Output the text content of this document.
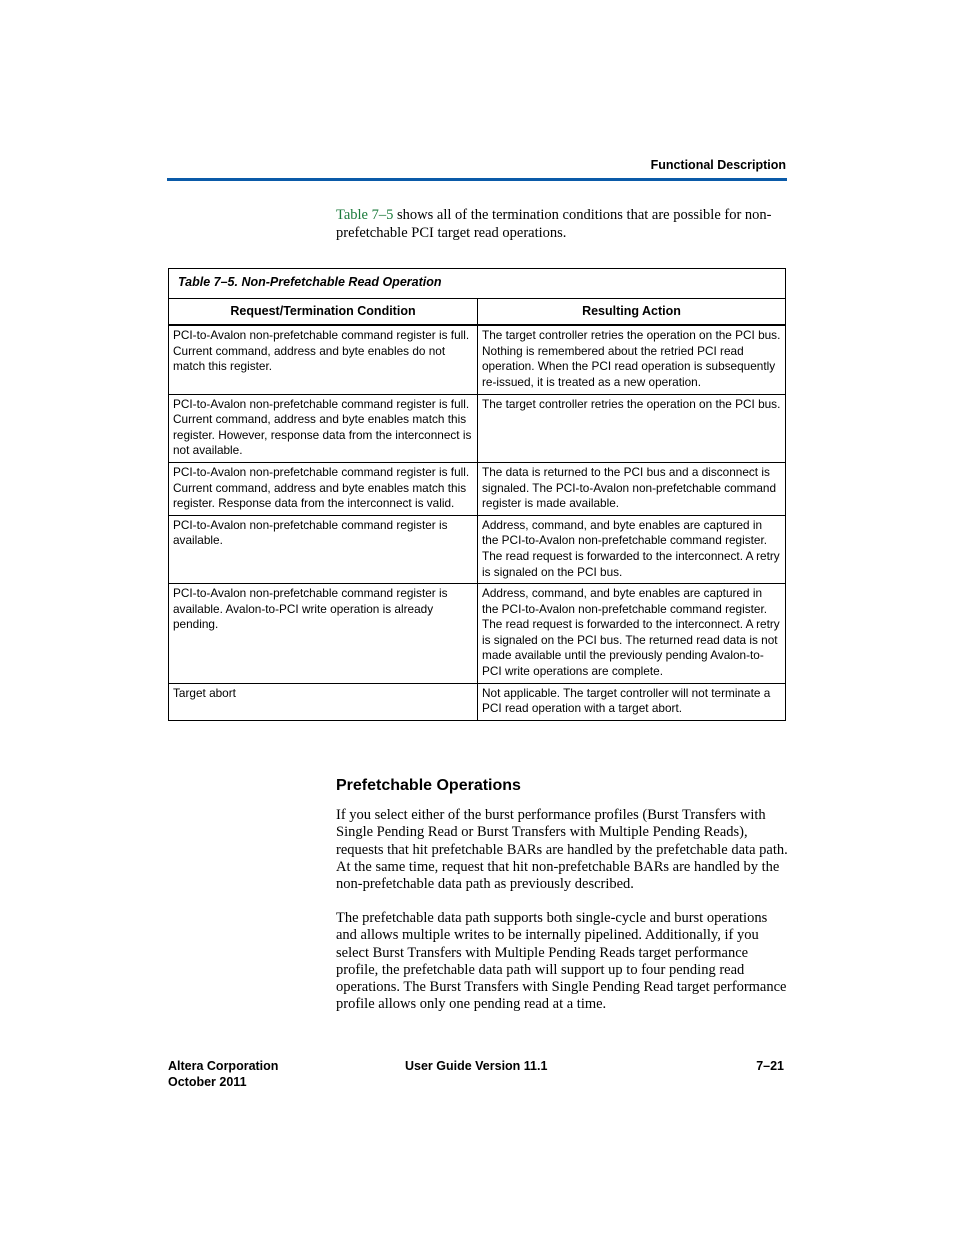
Functional Description
Table 7–5 shows all of the termination conditions that are possible for non-prefetchable PCI target read operations.
Table 7–5. Non-Prefetchable Read Operation	
Request/Termination Condition	Resulting Action
PCI-to-Avalon non-prefetchable command register is full. Current command, address and byte enables do not match this register.	The target controller retries the operation on the PCI bus. Nothing is remembered about the retried PCI read operation. When the PCI read operation is subsequently re-issued, it is treated as a new operation.
PCI-to-Avalon non-prefetchable command register is full. Current command, address and byte enables match this register. However, response data from the interconnect is not available.	The target controller retries the operation on the PCI bus.
PCI-to-Avalon non-prefetchable command register is full. Current command, address and byte enables match this register. Response data from the interconnect is valid.	The data is returned to the PCI bus and a disconnect is signaled. The PCI-to-Avalon non-prefetchable command register is made available.
PCI-to-Avalon non-prefetchable command register is available.	Address, command, and byte enables are captured in the PCI-to-Avalon non-prefetchable command register. The read request is forwarded to the interconnect. A retry is signaled on the PCI bus.
PCI-to-Avalon non-prefetchable command register is available. Avalon-to-PCI write operation is already pending.	Address, command, and byte enables are captured in the PCI-to-Avalon non-prefetchable command register. The read request is forwarded to the interconnect. A retry is signaled on the PCI bus. The returned read data is not made available until the previously pending Avalon-to-PCI write operations are complete.
Target abort	Not applicable. The target controller will not terminate a PCI read operation with a target abort.
Prefetchable Operations
If you select either of the burst performance profiles (Burst Transfers with Single Pending Read or Burst Transfers with Multiple Pending Reads), requests that hit prefetchable BARs are handled by the prefetchable data path. At the same time, request that hit non-prefetchable BARs are handled by the non-prefetchable data path as previously described.
The prefetchable data path supports both single-cycle and burst operations and allows multiple writes to be internally pipelined. Additionally, if you select Burst Transfers with Multiple Pending Reads target performance profile, the prefetchable data path will support up to four pending read operations. The Burst Transfers with Single Pending Read target performance profile allows only one pending read at a time.
Altera Corporation
October 2011
User Guide Version 11.1	7–21
